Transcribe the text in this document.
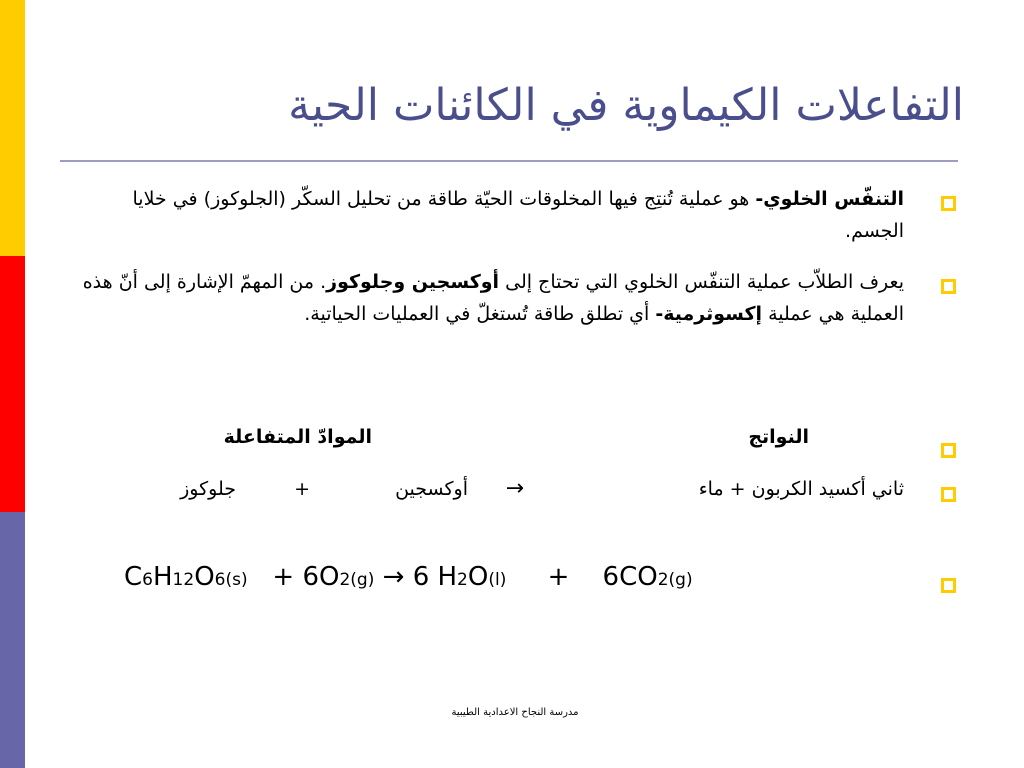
التفاعلات الكيماوية في الكائنات الحية
التنفّس الخلوي- هو عملية تُنتِج فيها المخلوقات الحيّة طاقة من تحليل السكّر (الجلوكوز) في خلايا الجسم.
يعرف الطلاّب عملية التنفّس الخلوي التي تحتاج إلى أوكسجين وجلوكوز. من المهمّ الإشارة إلى أنّ هذه العملية هي عملية إكسوثرمية- أي تطلق طاقة تُستغلّ في العمليات الحياتية.
النواتج
الموادّ المتفاعلة
ثاني أكسيد الكربون + ماء
→
أوكسجين
+
جلوكوز
C6H12O6(s) + 6O2(g) → 6 H2O(l) + 6CO2(g)
مدرسة النجاح الاعدادية الطيبية
